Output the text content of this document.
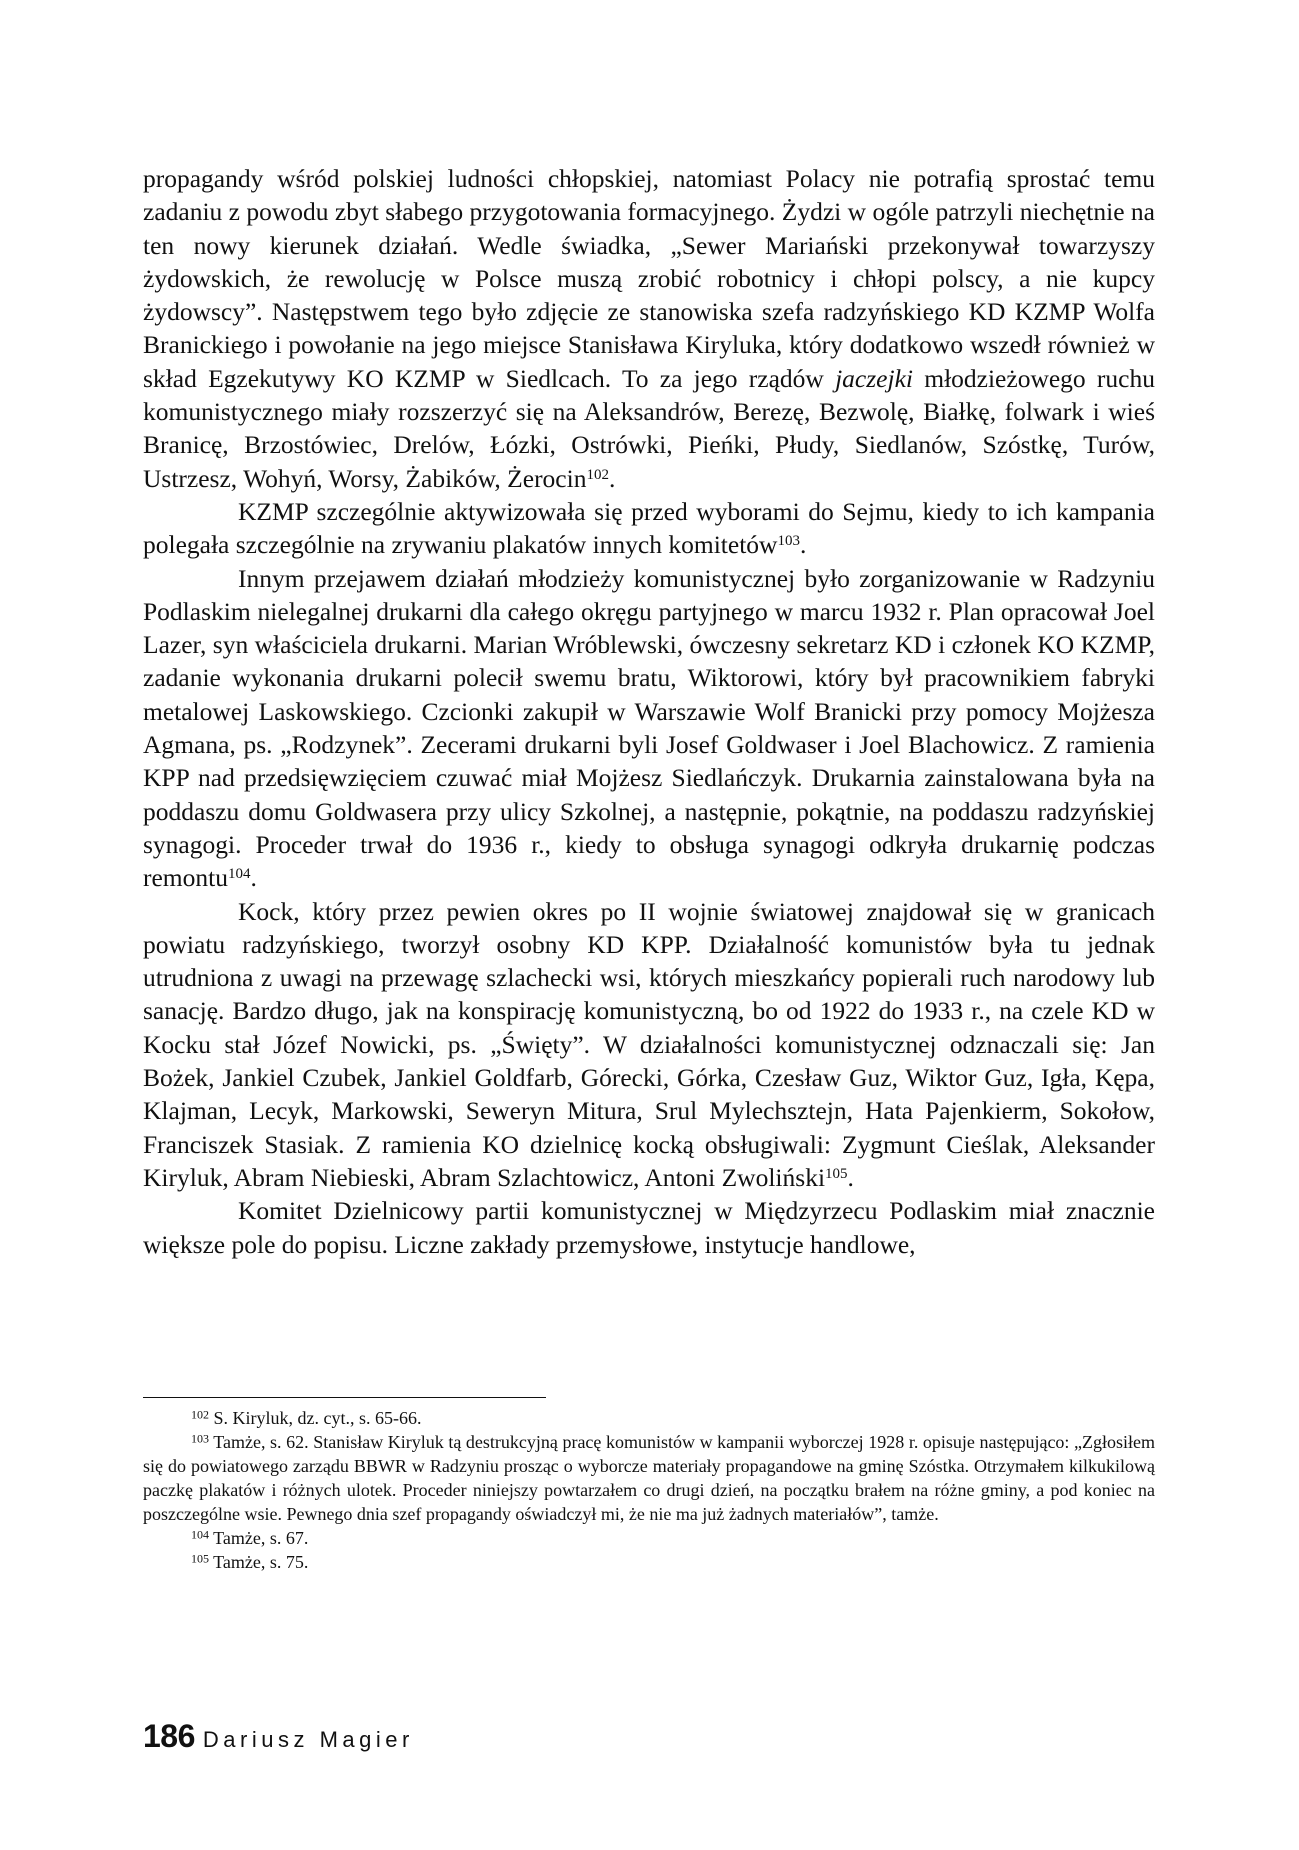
propagandy wśród polskiej ludności chłopskiej, natomiast Polacy nie potrafią sprostać temu zadaniu z powodu zbyt słabego przygotowania formacyjnego. Żydzi w ogóle patrzyli niechętnie na ten nowy kierunek działań. Wedle świadka, „Sewer Mariański przekonywał towarzyszy żydowskich, że rewolucję w Polsce muszą zrobić robotnicy i chłopi polscy, a nie kupcy żydowscy”. Następstwem tego było zdjęcie ze stanowiska szefa radzyńskiego KD KZMP Wolfa Branickiego i powołanie na jego miejsce Stanisława Kiryluka, który dodatkowo wszedł również w skład Egzekutywy KO KZMP w Siedlcach. To za jego rządów jaczejki młodzieżowego ruchu komunistycznego miały rozszerzyć się na Aleksandrów, Berezę, Bezwolę, Białkę, folwark i wieś Branicę, Brzostówiec, Drelów, Łózki, Ostrówki, Pieńki, Płudy, Siedlanów, Szóstkę, Turów, Ustrzesz, Wohyń, Worsy, Żabików, Żerocin$^{102}$.

KZMP szczególnie aktywizowała się przed wyborami do Sejmu, kiedy to ich kampania polegała szczególnie na zrywaniu plakatów innych komitetów$^{103}$.

Innym przejawem działań młodzieży komunistycznej było zorganizowanie w Radzyniu Podlaskim nielegalnej drukarni dla całego okręgu partyjnego w marcu 1932 r. Plan opracował Joel Lazer, syn właściciela drukarni. Marian Wróblewski, ówczesny sekretarz KD i członek KO KZMP, zadanie wykonania drukarni polecił swemu bratu, Wiktorowi, który był pracownikiem fabryki metalowej Laskowskiego. Czcionki zakupił w Warszawie Wolf Branicki przy pomocy Mojżesza Agmana, ps. „Rodzynek”. Zecerami drukarni byli Josef Goldwaser i Joel Blachowicz. Z ramienia KPP nad przedsięwzięciem czuwać miał Mojżesz Siedlańczyk. Drukarnia zainstalowana była na poddaszu domu Goldwasera przy ulicy Szkolnej, a następnie, pokątnie, na poddaszu radzyńskiej synagogi. Proceder trwał do 1936 r., kiedy to obsługa synagogi odkryła drukarnię podczas remontu$^{104}$.

Kock, który przez pewien okres po II wojnie światowej znajdował się w granicach powiatu radzyńskiego, tworzył osobny KD KPP. Działalność komunistów była tu jednak utrudniona z uwagi na przewagę szlachecki wsi, których mieszkańcy popierali ruch narodowy lub sanację. Bardzo długo, jak na konspirację komunistyczną, bo od 1922 do 1933 r., na czele KD w Kocku stał Józef Nowicki, ps. „Święty”. W działalności komunistycznej odznaczali się: Jan Bożek, Jankiel Czubek, Jankiel Goldfarb, Górecki, Górka, Czesław Guz, Wiktor Guz, Igła, Kępa, Klajman, Lecyk, Markowski, Seweryn Mitura, Srul Mylechsztejn, Hata Pajenkierm, Sokołow, Franciszek Stasiak. Z ramienia KO dzielnicę kocką obsługiwali: Zygmunt Cieślak, Aleksander Kiryluk, Abram Niebieski, Abram Szlachtowicz, Antoni Zwoliński$^{105}$.

Komitet Dzielnicowy partii komunistycznej w Międzyrzecu Podlaskim miał znacznie większe pole do popisu. Liczne zakłady przemysłowe, instytucje handlowe,

$^{102}$ S. Kiryluk, dz. cyt., s. 65-66.

$^{103}$ Tamże, s. 62. Stanisław Kiryluk tą destrukcyjną pracę komunistów w kampanii wyborczej 1928 r. opisuje następująco: „Zgłosiłem się do powiatowego zarządu BBWR w Radzyniu prosząc o wyborcze materiały propagandowe na gminę Szóstka. Otrzymałem kilkukilową paczkę plakatów i różnych ulotek. Proceder niniejszy powtarzałem co drugi dzień, na początku brałem na różne gminy, a pod koniec na poszczególne wsie. Pewnego dnia szef propagandy oświadczył mi, że nie ma już żadnych materiałów”, tamże.

$^{104}$ Tamże, s. 67.

$^{105}$ Tamże, s. 75.

186 Dariusz Magier
